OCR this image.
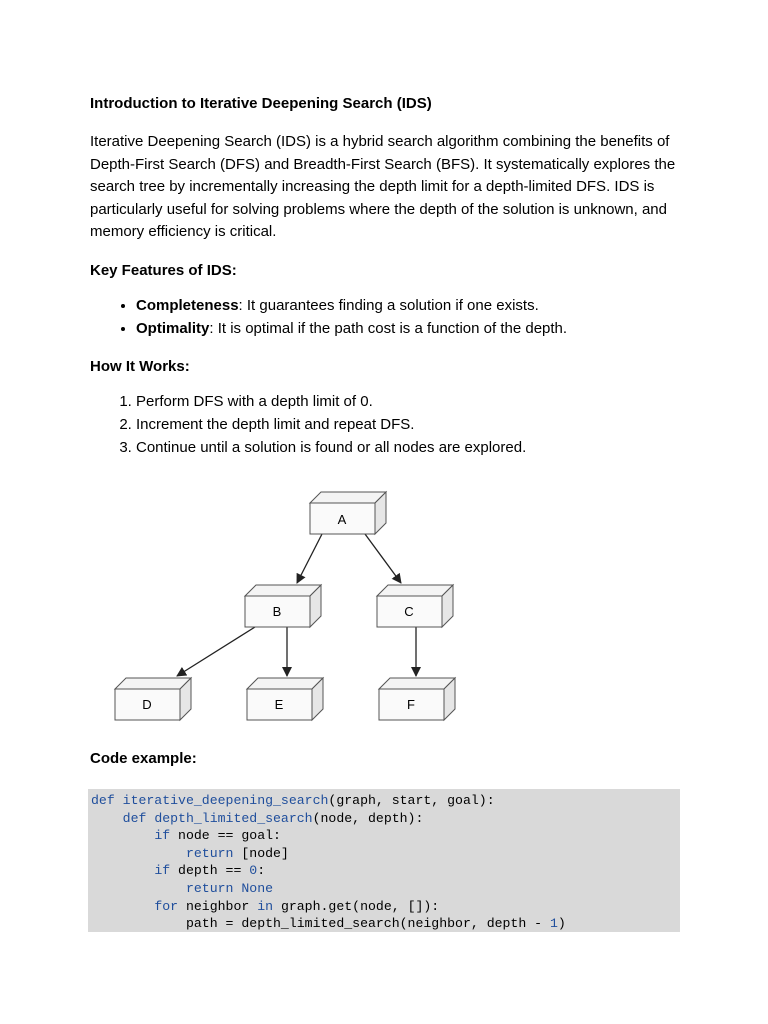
Introduction to Iterative Deepening Search (IDS)

Iterative Deepening Search (IDS) is a hybrid search algorithm combining the benefits of Depth-First Search (DFS) and Breadth-First Search (BFS). It systematically explores the search tree by incrementally increasing the depth limit for a depth-limited DFS. IDS is particularly useful for solving problems where the depth of the solution is unknown, and memory efficiency is critical.

Key Features of IDS:

• Completeness: It guarantees finding a solution if one exists.
• Optimality: It is optimal if the path cost is a function of the depth.

How It Works:

1. Perform DFS with a depth limit of 0.
2. Increment the depth limit and repeat DFS.
3. Continue until a solution is found or all nodes are explored.
A
B	C
D	E	F

Code example:

def iterative_deepening_search(graph, start, goal):
def depth_limited_search(node, depth):
if node == goal:
return [node]
if depth == 0:
return None
for neighbor in graph.get(node, []):
path = depth_limited_search(neighbor, depth - 1)
